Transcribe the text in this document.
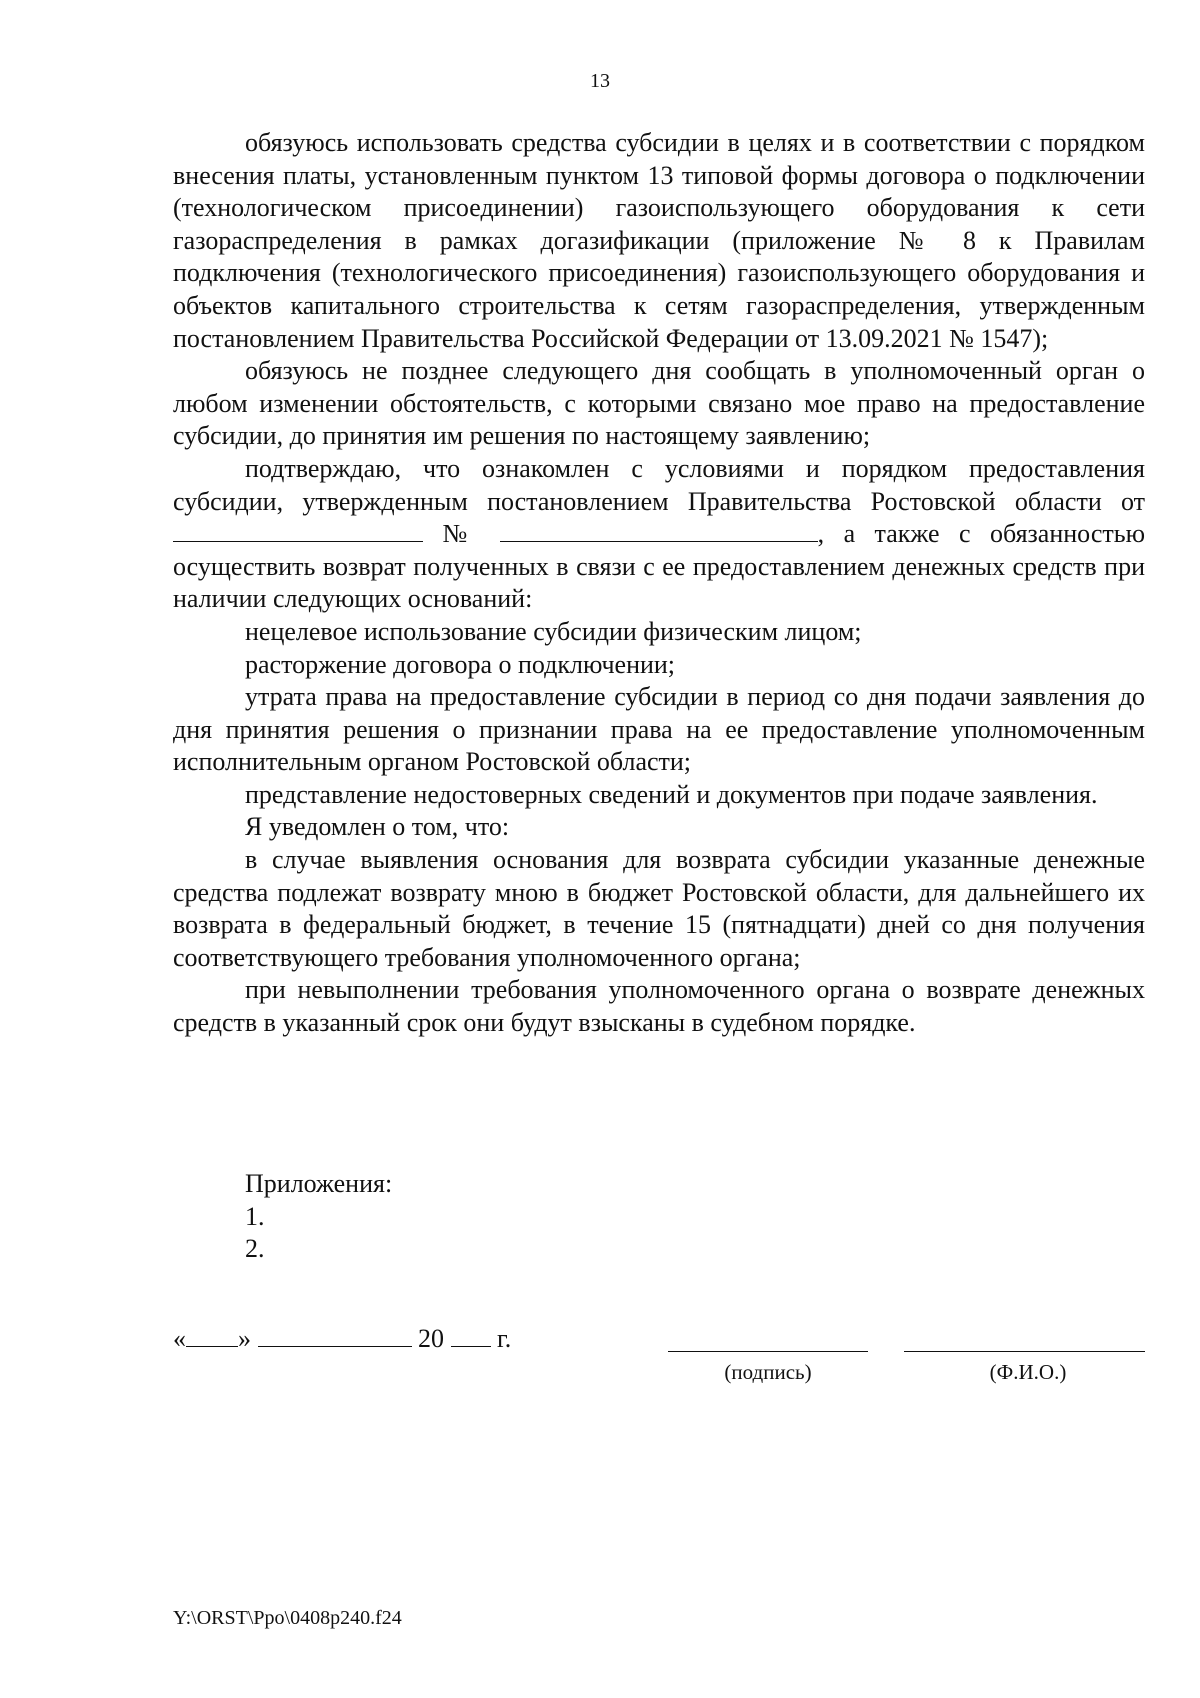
13

обязуюсь использовать средства субсидии в целях и в соответствии с порядком внесения платы, установленным пунктом 13 типовой формы договора о подключении (технологическом присоединении) газоиспользующего оборудования к сети газораспределения в рамках догазификации (приложение № 8 к Правилам подключения (технологического присоединения) газоиспользующего оборудования и объектов капитального строительства к сетям газораспределения, утвержденным постановлением Правительства Российской Федерации от 13.09.2021 № 1547);

обязуюсь не позднее следующего дня сообщать в уполномоченный орган о любом изменении обстоятельств, с которыми связано мое право на предоставление субсидии, до принятия им решения по настоящему заявлению;

подтверждаю, что ознакомлен с условиями и порядком предоставления субсидии, утвержденным постановлением Правительства Ростовской области от  №	, а также с обязанностью осуществить возврат полученных в связи с ее предоставлением денежных средств при наличии следующих оснований:

нецелевое использование субсидии физическим лицом;

расторжение договора о подключении;

утрата права на предоставление субсидии в период со дня подачи заявления до дня принятия решения о признании права на ее предоставление уполномоченным исполнительным органом Ростовской области;

представление недостоверных сведений и документов при подаче заявления.

Я уведомлен о том, что:

в случае выявления основания для возврата субсидии указанные денежные средства подлежат возврату мною в бюджет Ростовской области, для дальнейшего их возврата в федеральный бюджет, в течение 15 (пятнадцати) дней со дня получения соответствующего требования уполномоченного органа;

при невыполнении требования уполномоченного органа о возврате денежных средств в указанный срок они будут взысканы в судебном порядке.

Приложения:
1.
2.
« »	20 г.
(подпись)	(Ф.И.О.)
Y:\ORST\Ppo\0408p240.f24
